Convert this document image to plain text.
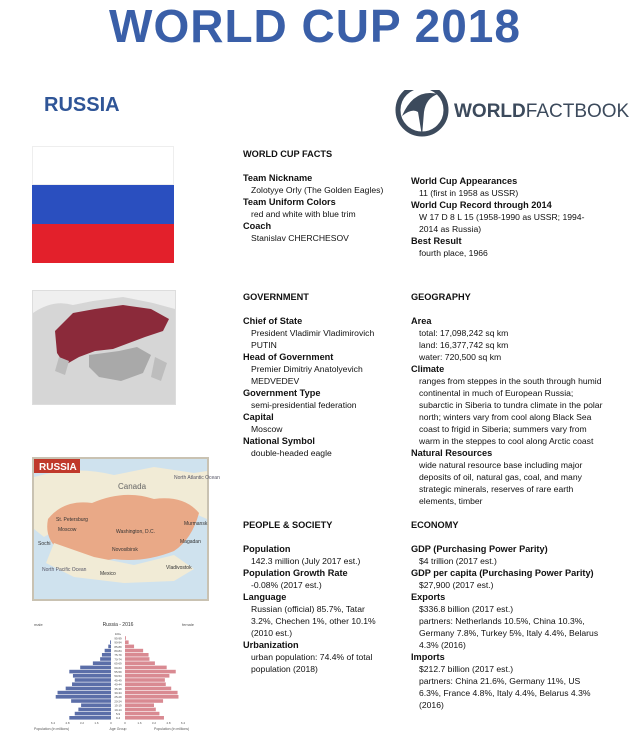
WORLD CUP 2018
RUSSIA	WORLDFACTBOOK
WORLD CUP FACTS
Team Nickname
Zolotyye Orly (The Golden Eagles)
Team Uniform Colors
red and white with blue trim
Coach
Stanislav CHERCHESOV
World Cup Appearances
11 (first in 1958 as USSR)
World Cup Record through 2014
W 17 D 8 L 15 (1958-1990 as USSR; 1994-
2014 as Russia)
Best Result
fourth place, 1966
GOVERNMENT
Chief of State
President Vladimir Vladimirovich
PUTIN
Head of Government
Premier Dimitriy Anatolyevich
MEDVEDEV
Government Type
semi-presidential federation
Capital
Moscow
National Symbol
double-headed eagle
GEOGRAPHY
Area
total: 17,098,242 sq km
land: 16,377,742 sq km
water: 720,500 sq km
Climate
ranges from steppes in the south through humid
continental in much of European Russia;
subarctic in Siberia to tundra climate in the polar
north; winters vary from cool along Black Sea
coast to frigid in Siberia; summers vary from
warm in the steppes to cool along Arctic coast
Natural Resources
wide natural resource base including major
deposits of oil, natural gas, coal, and many
strategic minerals, reserves of rare earth
elements, timber
RUSSIA
Canada
St. Petersburg
Moscow
Novosibirsk
Washington, D.C.
Vladivostok
North Pacific Ocean
North Atlantic Ocean
Sochi
Mexico
Magadan
Murmansk	PEOPLE & SOCIETY
Population
142.3 million (July 2017 est.)
Population Growth Rate
-0.08% (2017 est.)
Language
Russian (official) 85.7%, Tatar
3.2%, Chechen 1%, other 10.1%
(2010 est.)
Urbanization
urban population: 74.4% of total
population (2018)
ECONOMY
GDP (Purchasing Power Parity)
$4 trillion (2017 est.)
GDP per capita (Purchasing Power Parity)
$27,900 (2017 est.)
Exports
$336.8 billion (2017 est.)
partners: Netherlands 10.5%, China 10.3%,
Germany 7.8%, Turkey 5%, Italy 4.4%, Belarus
4.3% (2016)
Imports
$212.7 billion (2017 est.)
partners: China 21.6%, Germany 11%, US
6.3%, France 4.8%, Italy 4.4%, Belarus 4.3%
(2016)
Russia - 2016
male	female
Population (in millions)	Age Group	Population (in millions)
100+
95-99
90-94
85-89
80-84
75-79
70-74
65-69
60-64
55-59
50-54
45-49
40-44
35-39
30-34
25-29
20-24
15-19
10-14
5-9
0-4
6.4	4.8	3.2	1.6	0	0	1.6	3.2	4.8	6.4
